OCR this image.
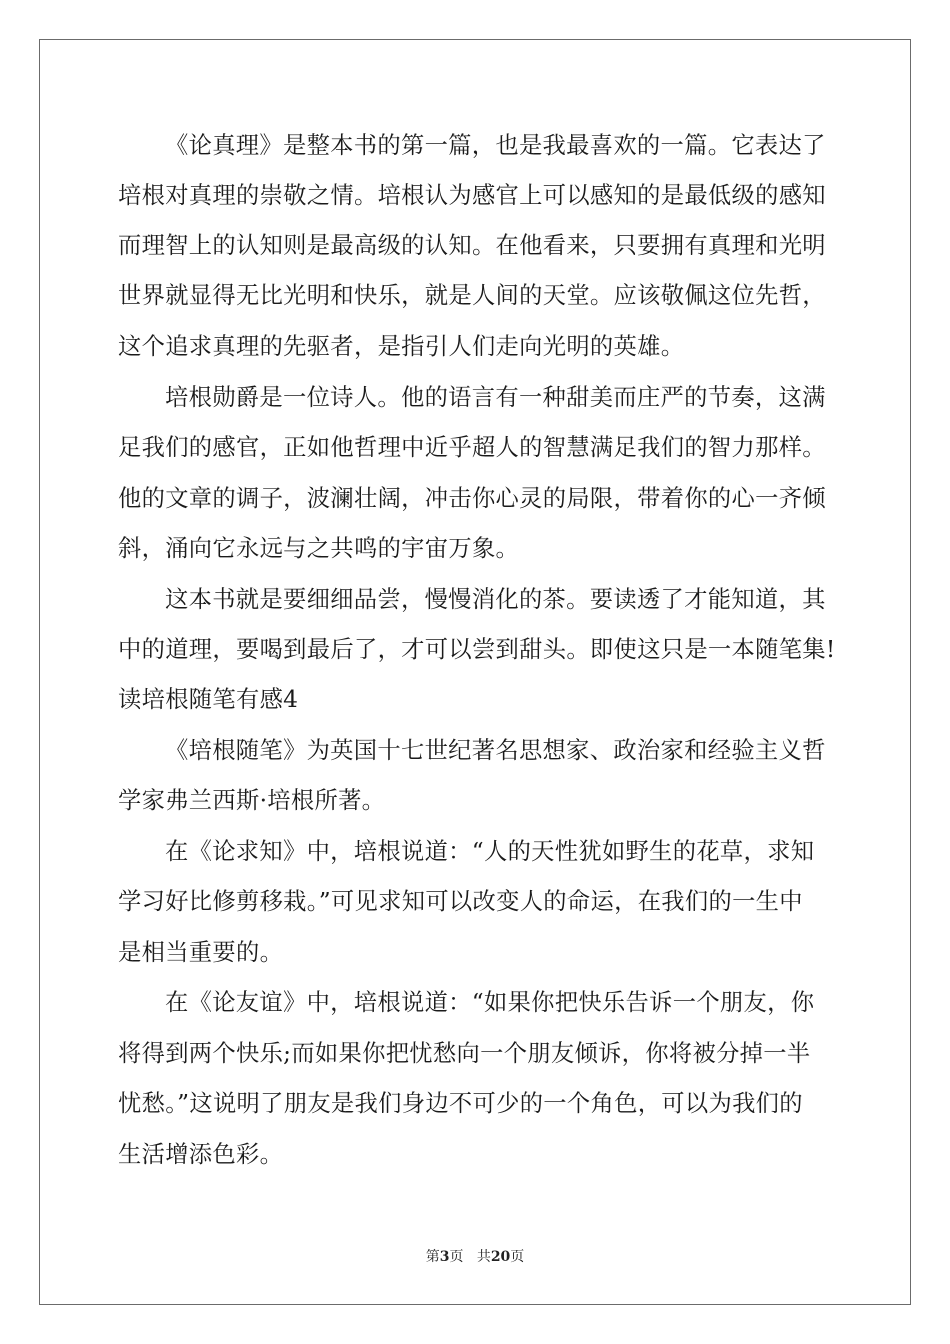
《论真理》是整本书的第一篇，也是我最喜欢的一篇。它表达了
培根对真理的崇敬之情。培根认为感官上可以感知的是最低级的感知
而理智上的认知则是最高级的认知。在他看来，只要拥有真理和光明
世界就显得无比光明和快乐，就是人间的天堂。应该敬佩这位先哲，
这个追求真理的先驱者，是指引人们走向光明的英雄。
培根勋爵是一位诗人。他的语言有一种甜美而庄严的节奏，这满
足我们的感官，正如他哲理中近乎超人的智慧满足我们的智力那样。
他的文章的调子，波澜壮阔，冲击你心灵的局限，带着你的心一齐倾
斜，涌向它永远与之共鸣的宇宙万象。
这本书就是要细细品尝，慢慢消化的茶。要读透了才能知道，其
中的道理，要喝到最后了，才可以尝到甜头。即使这只是一本随笔集!
读培根随笔有感4
《培根随笔》为英国十七世纪著名思想家、政治家和经验主义哲
学家弗兰西斯·培根所著。
在《论求知》中，培根说道：“人的天性犹如野生的花草，求知
学习好比修剪移栽。”可见求知可以改变人的命运，在我们的一生中
是相当重要的。
在《论友谊》中，培根说道：“如果你把快乐告诉一个朋友，你
将得到两个快乐;而如果你把忧愁向一个朋友倾诉，你将被分掉一半
忧愁。”这说明了朋友是我们身边不可少的一个角色，可以为我们的
生活增添色彩。
第3页 共20页
